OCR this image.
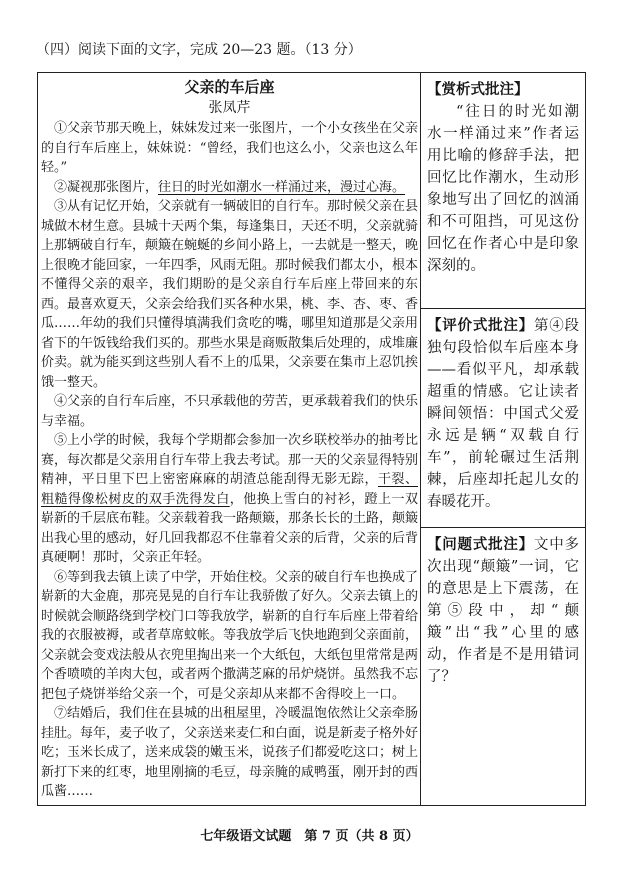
（四）阅读下面的文字，完成 20—23 题。（13 分）
父亲的车后座
张凤芹

①父亲节那天晚上，妹妹发过来一张图片，一个小女孩坐在父亲的自行车后座上，妹妹说：“曾经，我们也这么小，父亲也这么年轻。”

②凝视那张图片，往日的时光如潮水一样涌过来，漫过心海。

③从有记忆开始，父亲就有一辆破旧的自行车。那时候父亲在县城做木材生意。县城十天两个集，每逢集日，天还不明，父亲就骑上那辆破自行车，颠簸在蜿蜒的乡间小路上，一去就是一整天，晚上很晚才能回家，一年四季，风雨无阻。那时候我们都太小，根本不懂得父亲的艰辛，我们期盼的是父亲自行车后座上带回来的东西。最喜欢夏天，父亲会给我们买各种水果，桃、李、杏、枣、香瓜……年幼的我们只懂得填满我们贪吃的嘴，哪里知道那是父亲用省下的午饭钱给我们买的。那些水果是商贩散集后处理的，成堆廉价卖。就为能买到这些别人看不上的瓜果，父亲要在集市上忍饥挨饿一整天。

④父亲的自行车后座，不只承载他的劳苦，更承载着我们的快乐与幸福。

⑤上小学的时候，我每个学期都会参加一次乡联校举办的抽考比赛，每次都是父亲用自行车带上我去考试。那一天的父亲显得特别精神，平日里下巴上密密麻麻的胡渣总能刮得无影无踪，干裂、粗糙得像松树皮的双手洗得发白，他换上雪白的衬衫，蹬上一双崭新的千层底布鞋。父亲载着我一路颠簸，那条长长的土路，颠簸出我心里的感动，好几回我都忍不住靠着父亲的后背，父亲的后背真硬啊！那时，父亲正年轻。

⑥等到我去镇上读了中学，开始住校。父亲的破自行车也换成了崭新的大金鹿，那亮晃晃的自行车让我骄傲了好久。父亲去镇上的时候就会顺路绕到学校门口等我放学，崭新的自行车后座上带着给我的衣服被褥，或者草席蚊帐。等我放学后飞快地跑到父亲面前，父亲就会变戏法般从衣兜里掏出来一个大纸包，大纸包里常常是两个香喷喷的羊肉大包，或者两个撒满芝麻的吊炉烧饼。虽然我不忘把包子烧饼举给父亲一个，可是父亲却从来都不舍得咬上一口。

⑦结婚后，我们住在县城的出租屋里，冷暖温饱依然让父亲牵肠挂肚。每年，麦子收了，父亲送来麦仁和白面，说是新麦子格外好吃；玉米长成了，送来成袋的嫩玉米，说孩子们都爱吃这口；树上新打下来的红枣，地里刚摘的毛豆，母亲腌的咸鸭蛋，刚开封的西瓜酱……

【赏析式批注】
“往日的时光如潮水一样涌过来”作者运用比喻的修辞手法，把回忆比作潮水，生动形象地写出了回忆的汹涌和不可阻挡，可见这份回忆在作者心中是印象深刻的。
【评价式批注】第④段独句段恰似车后座本身——看似平凡，却承载超重的情感。它让读者瞬间领悟：中国式父爱永远是辆“双载自行车”，前轮碾过生活荆棘，后座却托起儿女的春暖花开。
【问题式批注】文中多次出现“颠簸”一词，它的意思是上下震荡，在第⑤段中，却“颠簸”出“我”心里的感动，作者是不是用错词了？
七年级语文试题　第 7 页（共 8 页）
